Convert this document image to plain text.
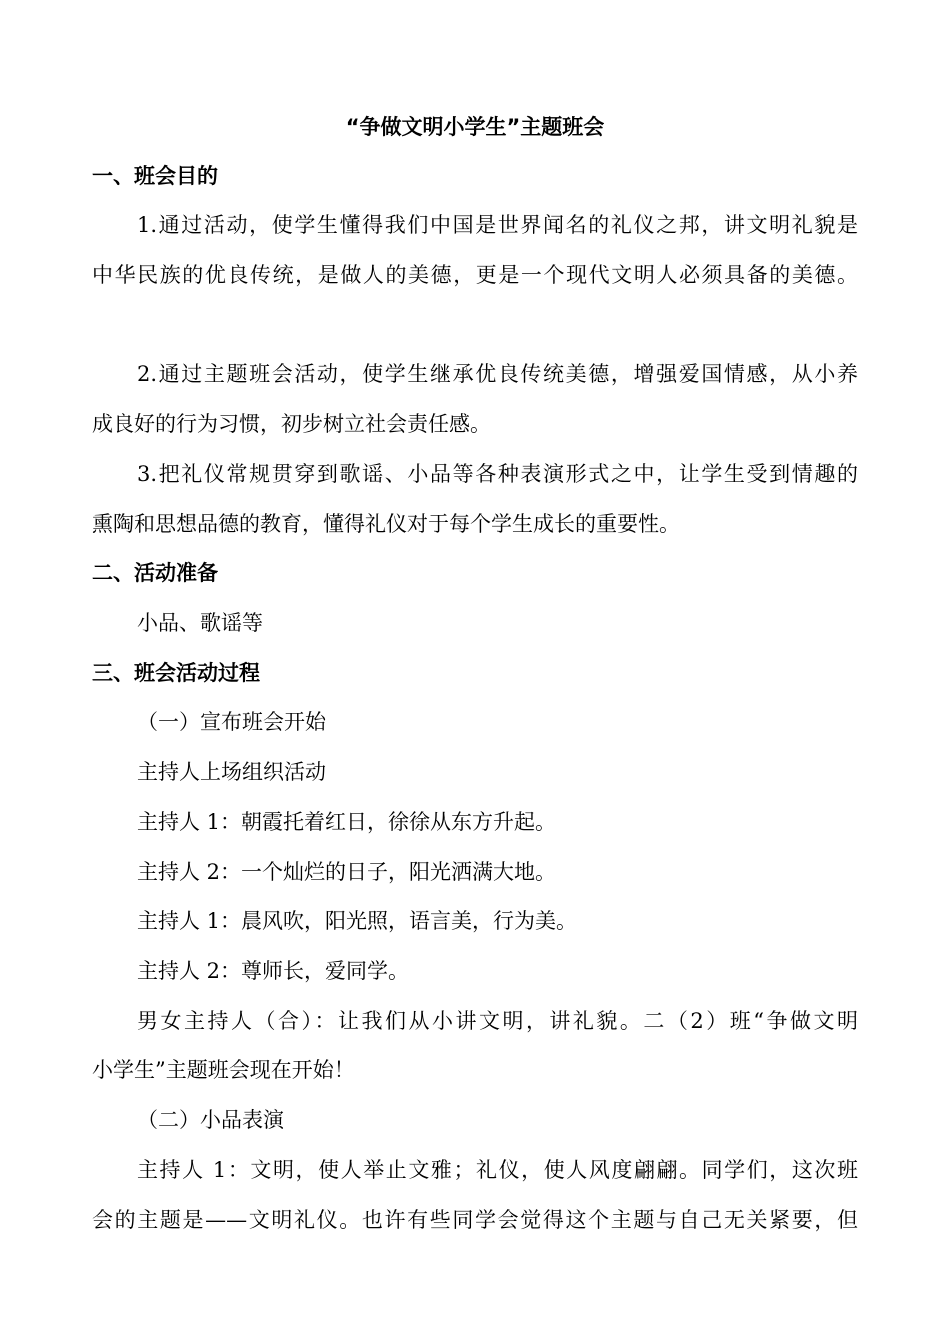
“争做文明小学生”主题班会
一、班会目的
1.通过活动，使学生懂得我们中国是世界闻名的礼仪之邦，讲文明礼貌是
中华民族的优良传统，是做人的美德，更是一个现代文明人必须具备的美德。
2.通过主题班会活动，使学生继承优良传统美德，增强爱国情感，从小养
成良好的行为习惯，初步树立社会责任感。
3.把礼仪常规贯穿到歌谣、小品等各种表演形式之中，让学生受到情趣的
熏陶和思想品德的教育，懂得礼仪对于每个学生成长的重要性。
二、活动准备
小品、歌谣等
三、班会活动过程
（一）宣布班会开始
主持人上场组织活动
主持人 1：朝霞托着红日，徐徐从东方升起。
主持人 2：一个灿烂的日子，阳光洒满大地。
主持人 1：晨风吹，阳光照，语言美，行为美。
主持人 2：尊师长，爱同学。
男女主持人（合）：让我们从小讲文明，讲礼貌。二（2）班“争做文明
小学生”主题班会现在开始！
（二）小品表演
主持人 1：文明，使人举止文雅；礼仪，使人风度翩翩。同学们，这次班
会的主题是——文明礼仪。也许有些同学会觉得这个主题与自己无关紧要，但
